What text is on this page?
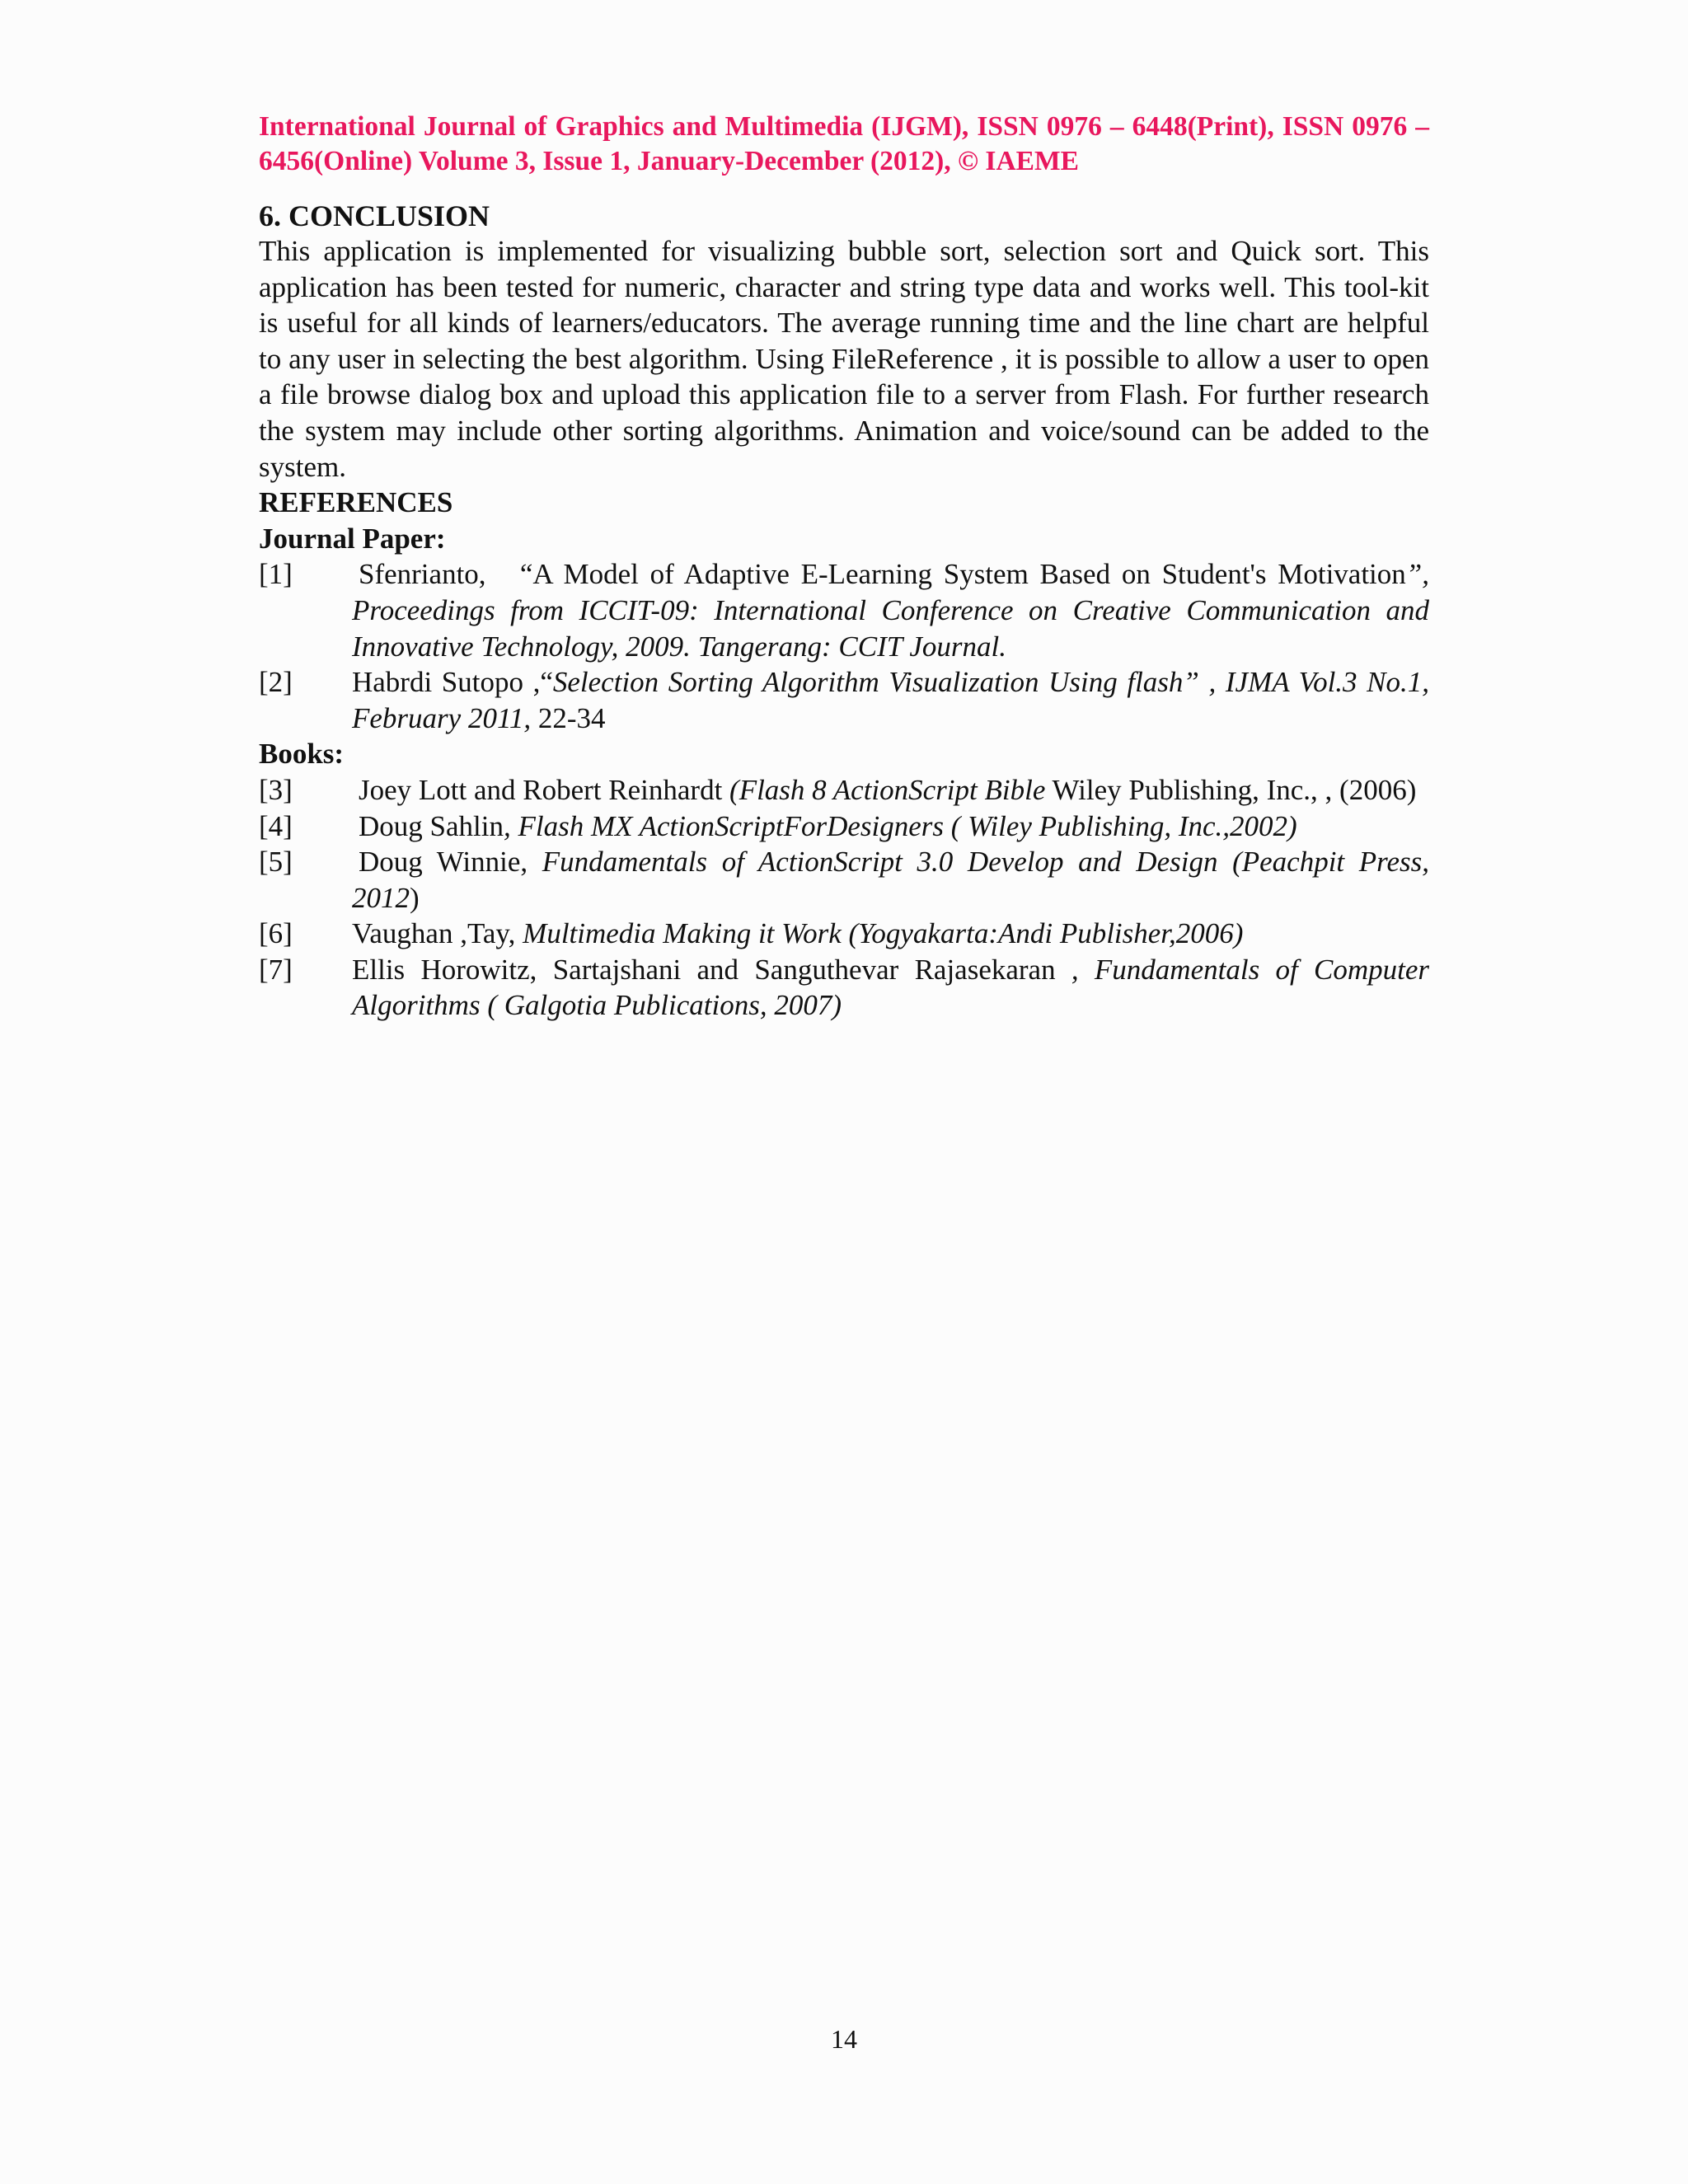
International Journal of Graphics and Multimedia (IJGM), ISSN 0976 – 6448(Print), ISSN 0976 – 6456(Online) Volume 3, Issue 1, January-December (2012), © IAEME

6. CONCLUSION

This application is implemented for visualizing bubble sort, selection sort and Quick sort. This application has been tested for numeric, character and string type data and works well. This tool-kit is useful for all kinds of learners/educators. The average running time and the line chart are helpful to any user in selecting the best algorithm. Using FileReference , it is possible to allow a user to open a file browse dialog box and upload this application file to a server from Flash. For further research the system may include other sorting algorithms. Animation and voice/sound can be added to the system.

REFERENCES
Journal Paper:
[1] Sfenrianto, “A Model of Adaptive E-Learning System Based on Student's Motivation”, Proceedings from ICCIT-09: International Conference on Creative Communication and Innovative Technology, 2009. Tangerang: CCIT Journal.
[2] Habrdi Sutopo ,“Selection Sorting Algorithm Visualization Using flash” , IJMA Vol.3 No.1, February 2011, 22-34
Books:
[3] Joey Lott and Robert Reinhardt (Flash 8 ActionScript Bible Wiley Publishing, Inc., , (2006)
[4] Doug Sahlin, Flash MX ActionScriptForDesigners ( Wiley Publishing, Inc.,2002)
[5] Doug Winnie, Fundamentals of ActionScript 3.0 Develop and Design (Peachpit Press, 2012)
[6] Vaughan ,Tay, Multimedia Making it Work (Yogyakarta:Andi Publisher,2006)
[7] Ellis Horowitz, Sartajshani and Sanguthevar Rajasekaran , Fundamentals of Computer Algorithms ( Galgotia Publications, 2007)
14
